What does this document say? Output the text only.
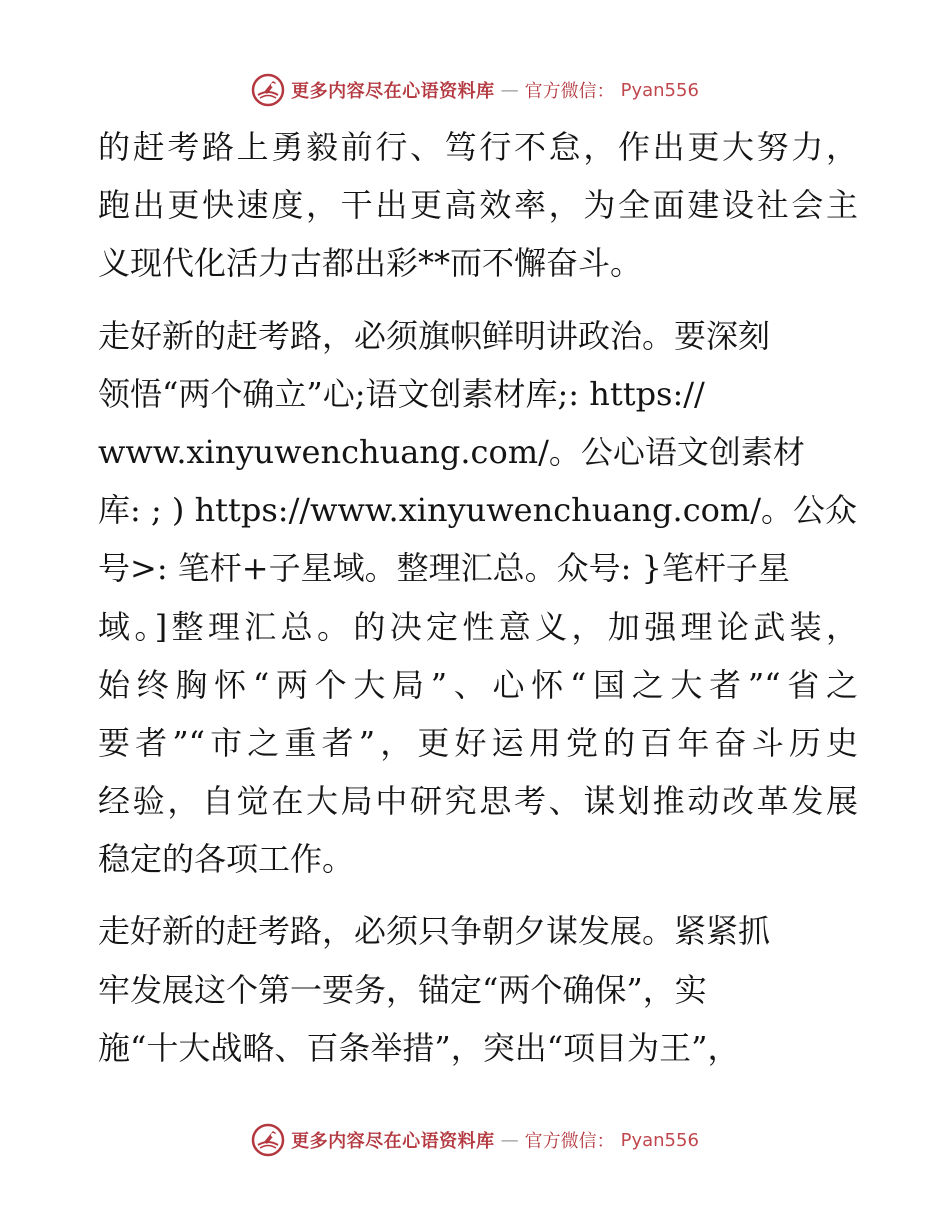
更多内容尽在心语资料库 — 官方微信： Pyan556
的赶考路上勇毅前行、笃行不怠，作出更大努力，
跑出更快速度，干出更高效率，为全面建设社会主
义现代化活力古都出彩**而不懈奋斗。
走好新的赶考路，必须旗帜鲜明讲政治。要深刻
领悟“两个确立”心;语文创素材库;: https://
www.xinyuwenchuang.com/。公心语文创素材
库: ; ) https://www.xinyuwenchuang.com/。公众
号>: 笔杆+子星域。整理汇总。众号: }笔杆子星
域。]整理汇总。的决定性意义，加强理论武装，
始终胸怀“两个大局”、心怀“国之大者”“省之
要者”“市之重者”，更好运用党的百年奋斗历史
经验，自觉在大局中研究思考、谋划推动改革发展
稳定的各项工作。
走好新的赶考路，必须只争朝夕谋发展。紧紧抓
牢发展这个第一要务，锚定“两个确保”，实
施“十大战略、百条举措”，突出“项目为王”，
更多内容尽在心语资料库 — 官方微信： Pyan556
